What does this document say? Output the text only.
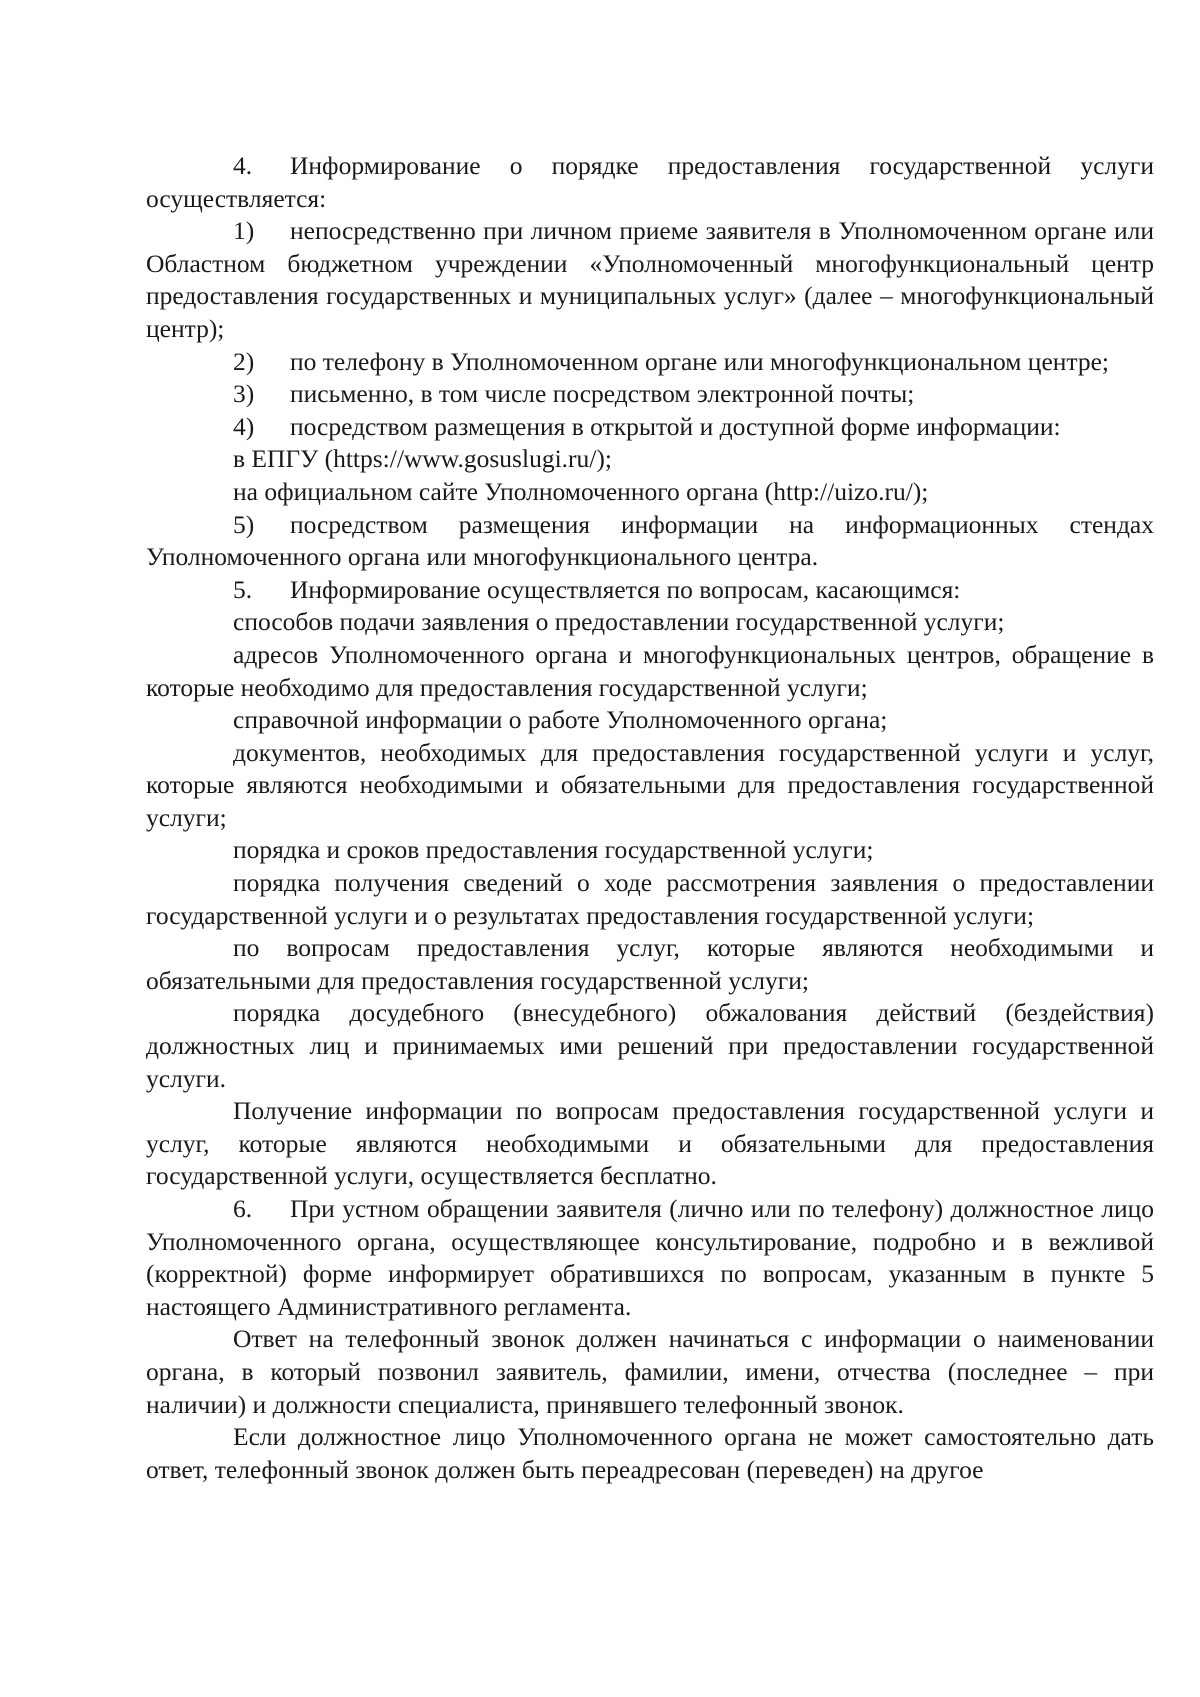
4. Информирование о порядке предоставления государственной услуги осуществляется:

1) непосредственно при личном приеме заявителя в Уполномоченном органе или Областном бюджетном учреждении «Уполномоченный многофункциональный центр предоставления государственных и муниципальных услуг» (далее – многофункциональный центр);

2) по телефону в Уполномоченном органе или многофункциональном центре;

3) письменно, в том числе посредством электронной почты;

4) посредством размещения в открытой и доступной форме информации:

в ЕПГУ (https://www.gosuslugi.ru/);

на официальном сайте Уполномоченного органа (http://uizo.ru/);

5) посредством размещения информации на информационных стендах Уполномоченного органа или многофункционального центра.

5. Информирование осуществляется по вопросам, касающимся:

способов подачи заявления о предоставлении государственной услуги;

адресов Уполномоченного органа и многофункциональных центров, обращение в которые необходимо для предоставления государственной услуги;

справочной информации о работе Уполномоченного органа;

документов, необходимых для предоставления государственной услуги и услуг, которые являются необходимыми и обязательными для предоставления государственной услуги;

порядка и сроков предоставления государственной услуги;

порядка получения сведений о ходе рассмотрения заявления о предоставлении государственной услуги и о результатах предоставления государственной услуги;

по вопросам предоставления услуг, которые являются необходимыми и обязательными для предоставления государственной услуги;

порядка досудебного (внесудебного) обжалования действий (бездействия) должностных лиц и принимаемых ими решений при предоставлении государственной услуги.

Получение информации по вопросам предоставления государственной услуги и услуг, которые являются необходимыми и обязательными для предоставления государственной услуги, осуществляется бесплатно.

6. При устном обращении заявителя (лично или по телефону) должностное лицо Уполномоченного органа, осуществляющее консультирование, подробно и в вежливой (корректной) форме информирует обратившихся по вопросам, указанным в пункте 5 настоящего Административного регламента.

Ответ на телефонный звонок должен начинаться с информации о наименовании органа, в который позвонил заявитель, фамилии, имени, отчества (последнее – при наличии) и должности специалиста, принявшего телефонный звонок.

Если должностное лицо Уполномоченного органа не может самостоятельно дать ответ, телефонный звонок должен быть переадресован (переведен) на другое
